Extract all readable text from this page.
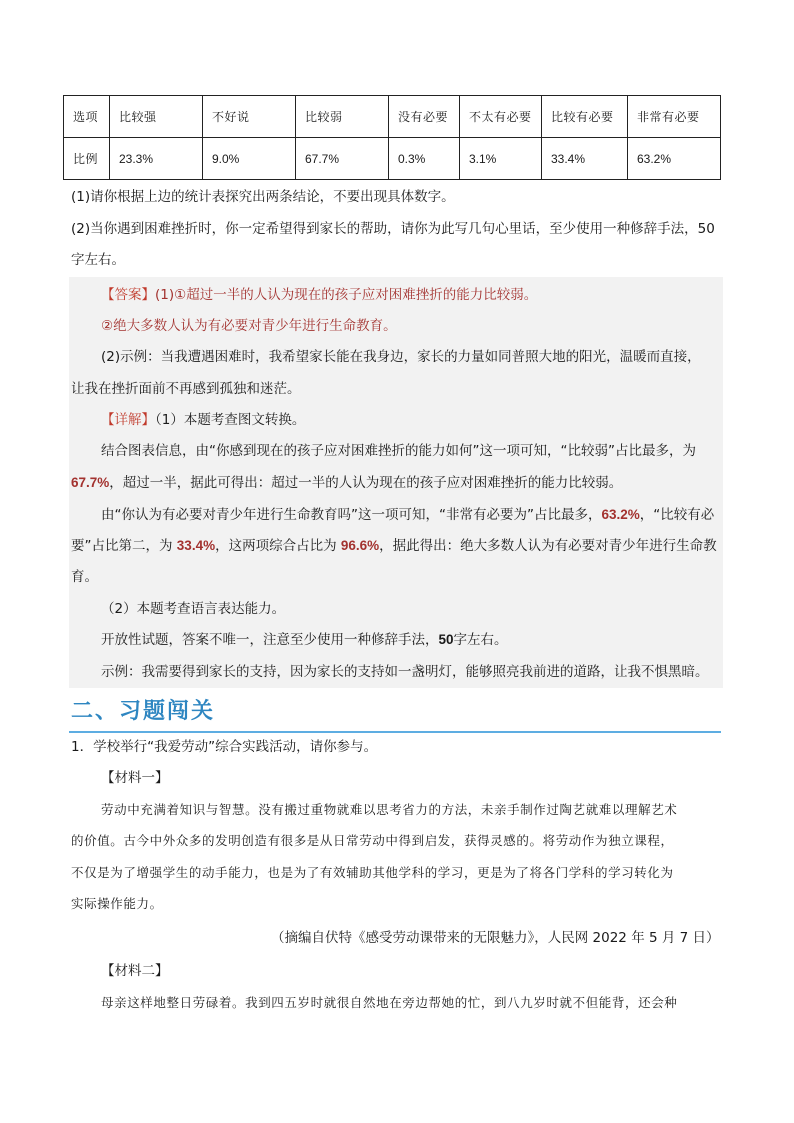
选项	比较强	不好说	比较弱	没有必要	不太有必要	比较有必要	非常有必要
比例	23.3%	9.0%	67.7%	0.3%	3.1%	33.4%	63.2%
(1)请你根据上边的统计表探究出两条结论，不要出现具体数字。
(2)当你遇到困难挫折时，你一定希望得到家长的帮助，请你为此写几句心里话，至少使用一种修辞手法，50
字左右。
【答案】(1)①超过一半的人认为现在的孩子应对困难挫折的能力比较弱。
②绝大多数人认为有必要对青少年进行生命教育。
(2)示例：当我遭遇困难时，我希望家长能在我身边，家长的力量如同普照大地的阳光，温暖而直接，
让我在挫折面前不再感到孤独和迷茫。
【详解】（1）本题考查图文转换。
结合图表信息，由“你感到现在的孩子应对困难挫折的能力如何”这一项可知，“比较弱”占比最多，为
67.7%，超过一半，据此可得出：超过一半的人认为现在的孩子应对困难挫折的能力比较弱。
由“你认为有必要对青少年进行生命教育吗”这一项可知，“非常有必要为”占比最多，63.2%，“比较有必
要”占比第二，为 33.4%，这两项综合占比为 96.6%，据此得出：绝大多数人认为有必要对青少年进行生命教
育。
（2）本题考查语言表达能力。
开放性试题，答案不唯一，注意至少使用一种修辞手法，50字左右。
示例：我需要得到家长的支持，因为家长的支持如一盏明灯，能够照亮我前进的道路，让我不惧黑暗。
二、习题闯关
1．学校举行“我爱劳动”综合实践活动，请你参与。
【材料一】
劳动中充满着知识与智慧。没有搬过重物就难以思考省力的方法，未亲手制作过陶艺就难以理解艺术
的价值。古今中外众多的发明创造有很多是从日常劳动中得到启发，获得灵感的。将劳动作为独立课程，
不仅是为了增强学生的动手能力，也是为了有效辅助其他学科的学习，更是为了将各门学科的学习转化为
实际操作能力。
（摘编自伏特《感受劳动课带来的无限魅力》，人民网 2022 年 5 月 7 日）
【材料二】
母亲这样地整日劳碌着。我到四五岁时就很自然地在旁边帮她的忙，到八九岁时就不但能背，还会种
